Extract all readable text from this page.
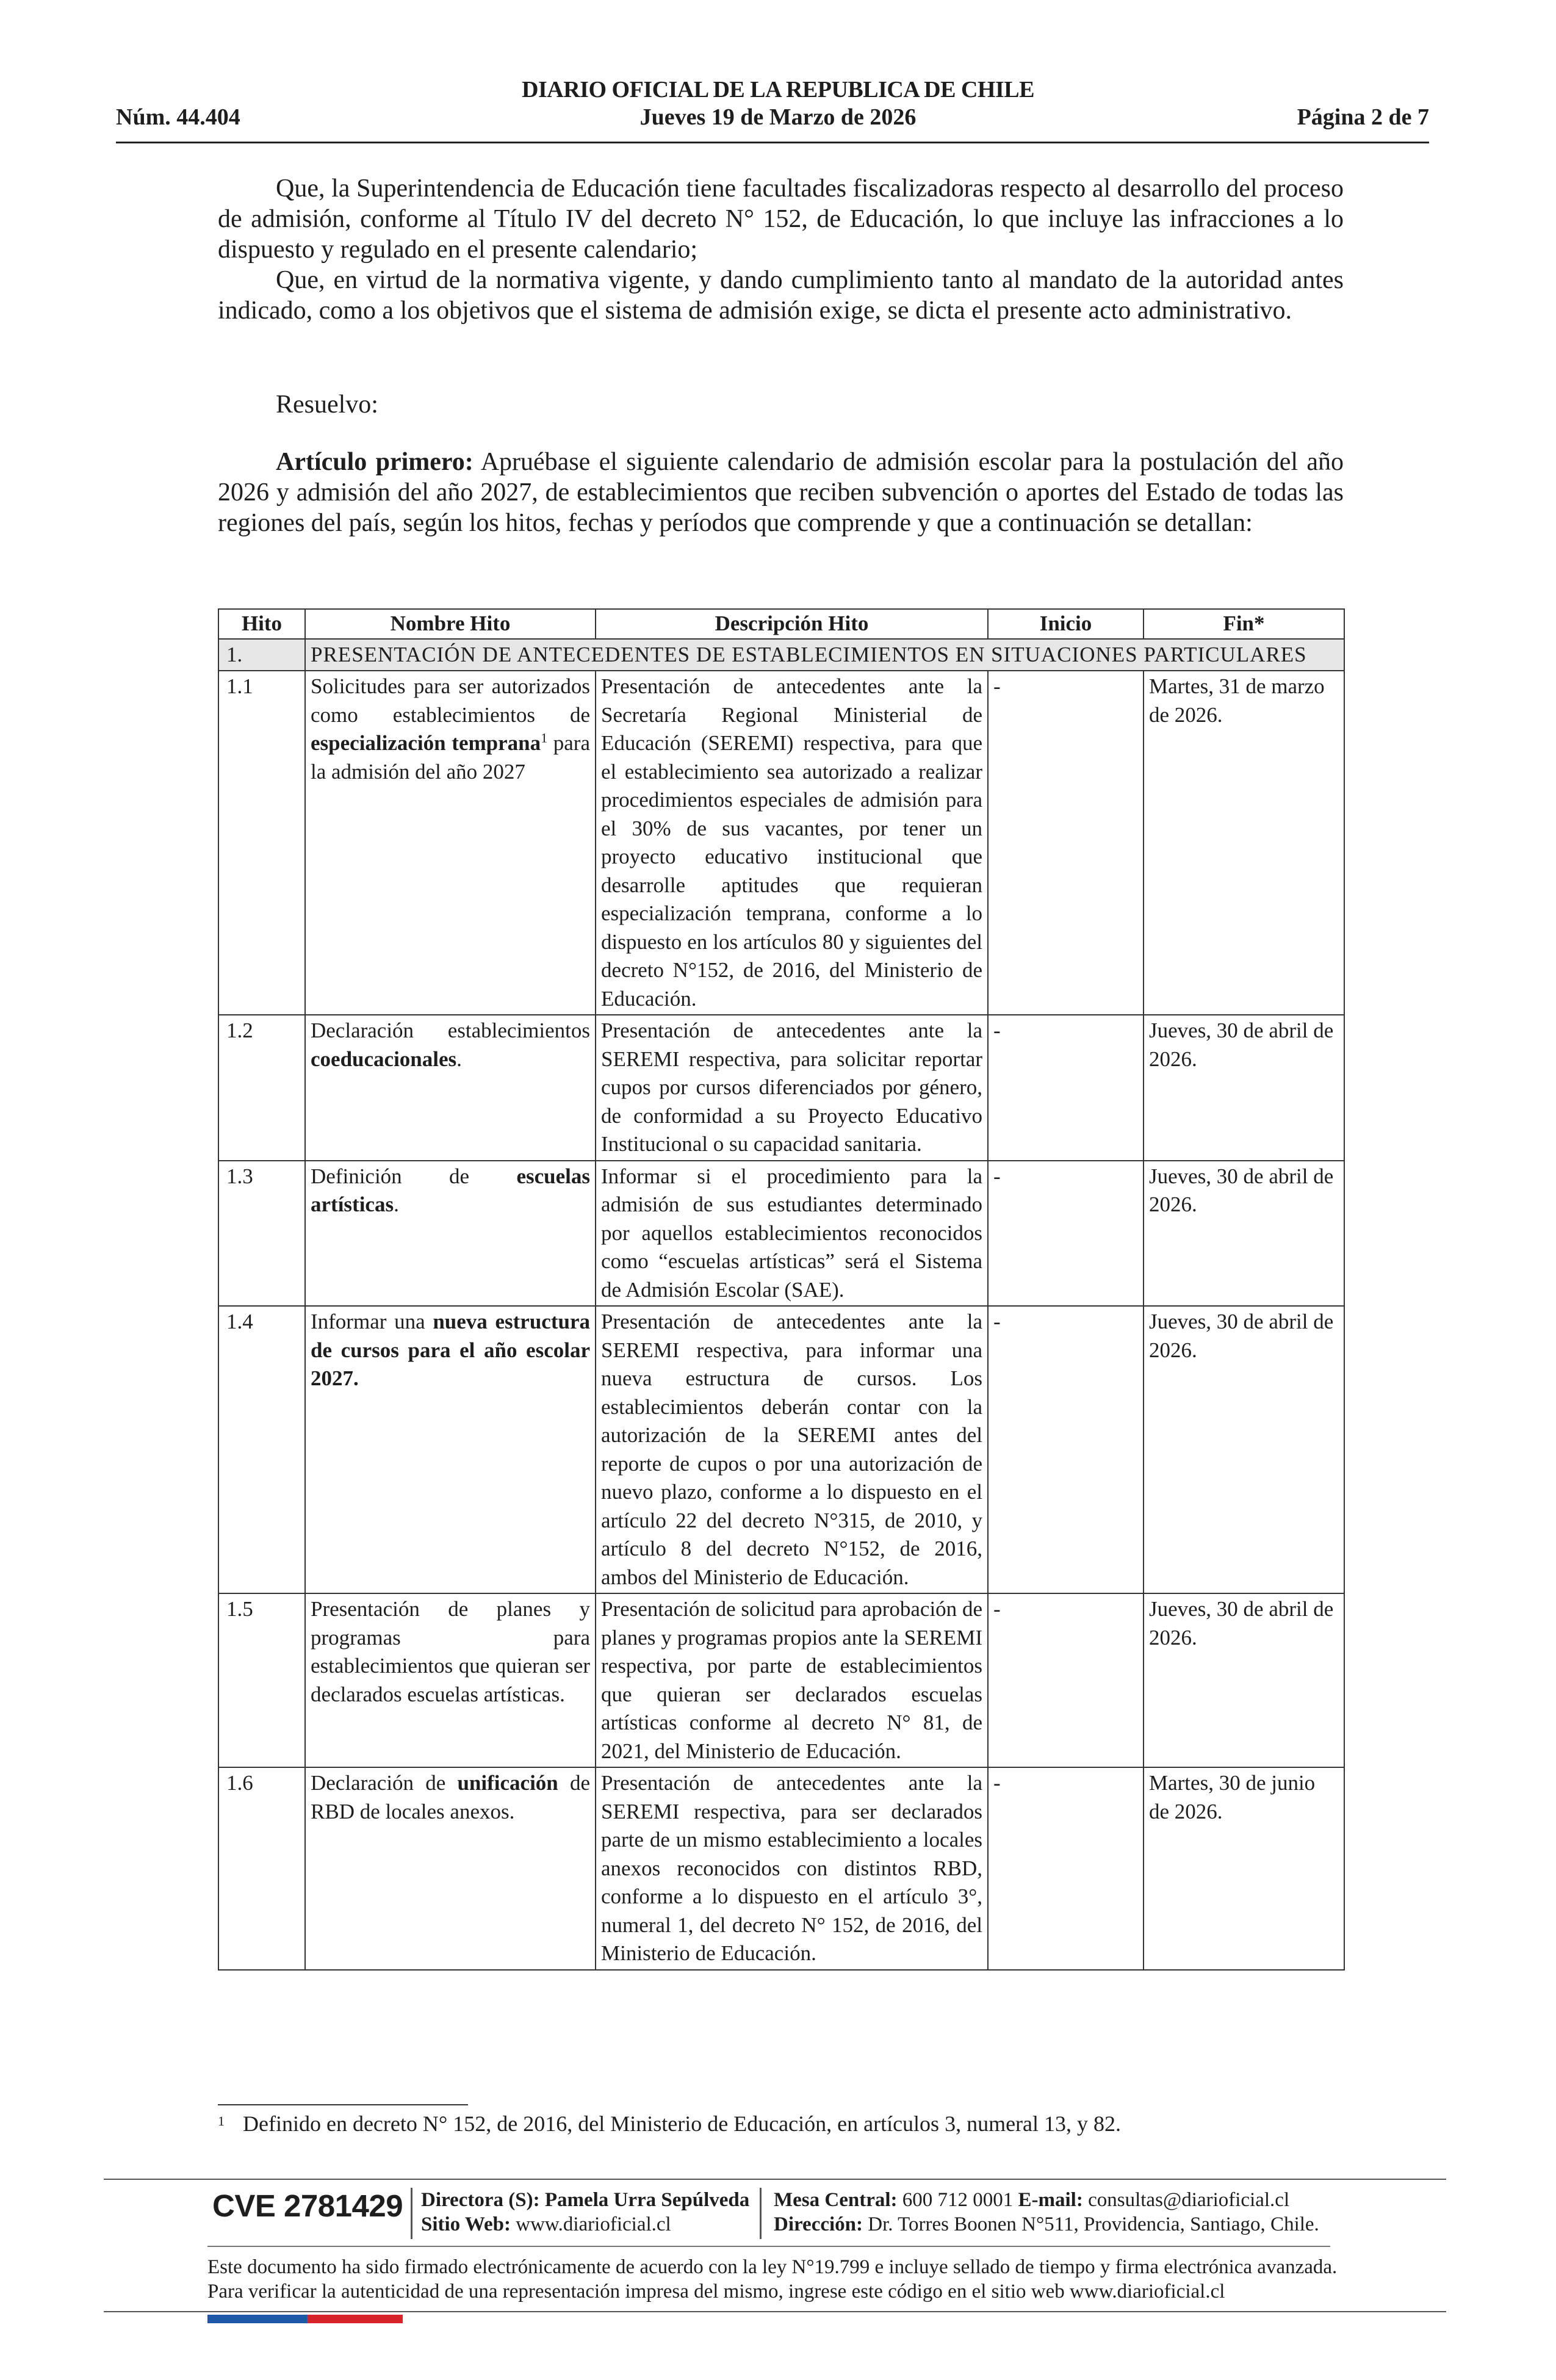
DIARIO OFICIAL DE LA REPUBLICA DE CHILE
Núm. 44.404	Jueves 19 de Marzo de 2026	Página 2 de 7
Que, la Superintendencia de Educación tiene facultades fiscalizadoras respecto al desarrollo del proceso de admisión, conforme al Título IV del decreto N° 152, de Educación, lo que incluye las infracciones a lo dispuesto y regulado en el presente calendario;
Que, en virtud de la normativa vigente, y dando cumplimiento tanto al mandato de la autoridad antes indicado, como a los objetivos que el sistema de admisión exige, se dicta el presente acto administrativo.
Resuelvo:
Artículo primero: Apruébase el siguiente calendario de admisión escolar para la postulación del año 2026 y admisión del año 2027, de establecimientos que reciben subvención o aportes del Estado de todas las regiones del país, según los hitos, fechas y períodos que comprende y que a continuación se detallan:
Hito	Nombre Hito	Descripción Hito	Inicio	Fin*
1.	PRESENTACIÓN DE ANTECEDENTES DE ESTABLECIMIENTOS EN SITUACIONES PARTICULARES			
1.1	Solicitudes para ser autorizados como establecimientos de especialización temprana$^1$ para la admisión del año 2027	Presentación de antecedentes ante la Secretaría Regional Ministerial de Educación (SEREMI) respectiva, para que el establecimiento sea autorizado a realizar procedimientos especiales de admisión para el 30% de sus vacantes, por tener un proyecto educativo institucional que desarrolle aptitudes que requieran especialización temprana, conforme a lo dispuesto en los artículos 80 y siguientes del decreto N°152, de 2016, del Ministerio de Educación.	-	Martes, 31 de marzo de 2026.
1.2	Declaración establecimientos coeducacionales.	Presentación de antecedentes ante la SEREMI respectiva, para solicitar reportar cupos por cursos diferenciados por género, de conformidad a su Proyecto Educativo Institucional o su capacidad sanitaria.	-	Jueves, 30 de abril de 2026.
1.3	Definición de escuelas artísticas.	Informar si el procedimiento para la admisión de sus estudiantes determinado por aquellos establecimientos reconocidos como “escuelas artísticas” será el Sistema de Admisión Escolar (SAE).	-	Jueves, 30 de abril de 2026.
1.4	Informar una nueva estructura de cursos para el año escolar 2027.	Presentación de antecedentes ante la SEREMI respectiva, para informar una nueva estructura de cursos. Los establecimientos deberán contar con la autorización de la SEREMI antes del reporte de cupos o por una autorización de nuevo plazo, conforme a lo dispuesto en el artículo 22 del decreto N°315, de 2010, y artículo 8 del decreto N°152, de 2016, ambos del Ministerio de Educación.	-	Jueves, 30 de abril de 2026.
1.5	Presentación de planes y programas para establecimientos que quieran ser declarados escuelas artísticas.	Presentación de solicitud para aprobación de planes y programas propios ante la SEREMI respectiva, por parte de establecimientos que quieran ser declarados escuelas artísticas conforme al decreto N° 81, de 2021, del Ministerio de Educación.	-	Jueves, 30 de abril de 2026.
1.6	Declaración de unificación de RBD de locales anexos.	Presentación de antecedentes ante la SEREMI respectiva, para ser declarados parte de un mismo establecimiento a locales anexos reconocidos con distintos RBD, conforme a lo dispuesto en el artículo 3°, numeral 1, del decreto N° 152, de 2016, del Ministerio de Educación.	-	Martes, 30 de junio de 2026.
$^1$ Definido en decreto N° 152, de 2016, del Ministerio de Educación, en artículos 3, numeral 13, y 82.
CVE 2781429 Directora (S): Pamela Urra Sepúlveda
Sitio Web: www.diarioficial.cl
Mesa Central: 600 712 0001 E-mail: consultas@diarioficial.cl
Dirección: Dr. Torres Boonen N°511, Providencia, Santiago, Chile.
Este documento ha sido firmado electrónicamente de acuerdo con la ley N°19.799 e incluye sellado de tiempo y firma electrónica avanzada. Para verificar la autenticidad de una representación impresa del mismo, ingrese este código en el sitio web www.diarioficial.cl
